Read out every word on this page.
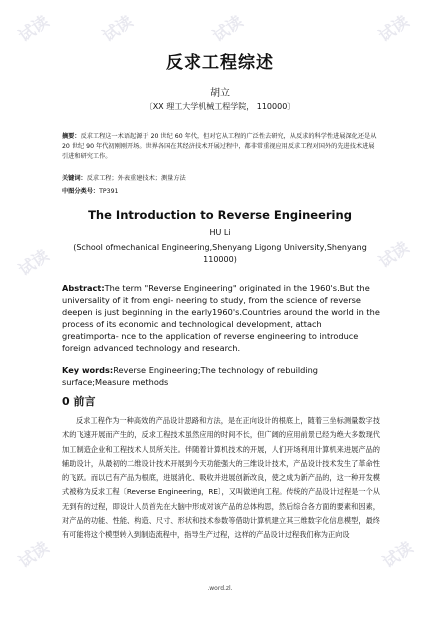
试读	试读	试读	试读
试读
试读
试读	试读
反求工程综述
胡立
〔XX 理工大学机械工程学院， 110000〕
摘要：反求工程这一术语起源于 20 世纪 60 年代，但对它从工程的广泛性去研究，从反求的科学性进展深化还是从 20 世纪 90 年代初刚刚开场。世界各国在其经济技术开展过程中，都非常重视应用反求工程对国外的先进技术进展引进和研究工作。
关键词：反求工程；外表重建技术；测量方法
中图分类号：TP391
The Introduction to Reverse Engineering
HU Li
(School ofmechanical Engineering,Shenyang Ligong University,Shenyang 110000)
Abstract:The term "Reverse Engineering" originated in the 1960's.But the universality of it from engi- neering to study, from the science of reverse deepen is just beginning in the early1960's.Countries around the world in the process of its economic and technological development, attach greatimporta- nce to the application of reverse engineering to introduce foreign advanced technology and research.
Key words:Reverse Engineering;The technology of rebuilding surface;Measure methods
0 前言
反求工程作为一种高效的产品设计思路和方法，是在正向设计的根底上，随着三坐标测量数字技术的飞速开展而产生的，反求工程技术虽然应用的时间不长，但广阔的应用前景已经为绝大多数现代加工制造企业和工程技术人员所关注。伴随着计算机技术的开展，人们开场利用计算机来进展产品的辅助设计，从最初的二维设计技术开展到今天功能强大的三维设计技术，产品设计技术发生了革命性的飞跃。而以已有产品为根底，进展消化、吸收并进展创新改良，使之成为新产品的，这一种开发模式被称为反求工程〔Reverse Engineering，RE〕，又叫做逆向工程。传统的产品设计过程是一个从无到有的过程，即设计人员首先在大脑中形成对该产品的总体构思，然后综合各方面的要素和因素，对产品的功能、性能、构造、尺寸、形状和技术参数等借助计算机建立其三维数字化信息模型，最终有可能将这个模型转入到制造流程中，指导生产过程，这样的产品设计过程我们称为正向设
.word.zl.
